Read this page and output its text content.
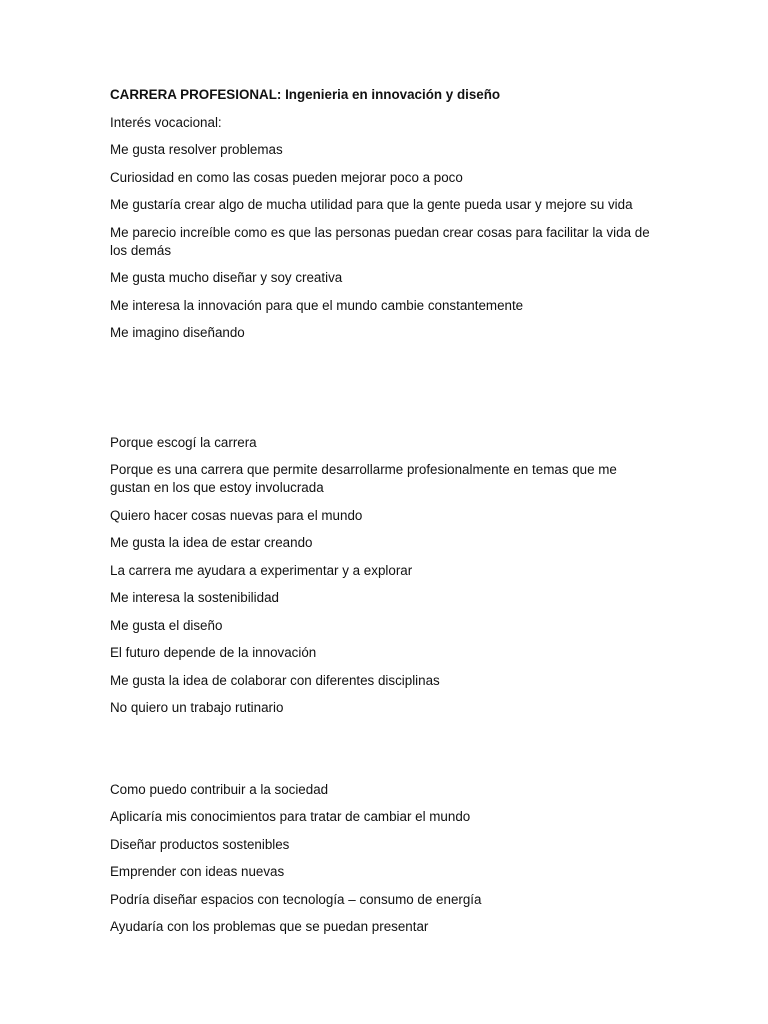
CARRERA PROFESIONAL: Ingenieria en innovación y diseño

Interés vocacional:

Me gusta resolver problemas

Curiosidad en como las cosas pueden mejorar poco a poco

Me gustaría crear algo de mucha utilidad para que la gente pueda usar y mejore su vida

Me parecio increíble como es que las personas puedan crear cosas para facilitar la vida de los demás

Me gusta mucho diseñar y soy creativa

Me interesa la innovación para que el mundo cambie constantemente

Me imagino diseñando

Porque escogí la carrera

Porque es una carrera que permite desarrollarme profesionalmente en temas que me gustan en los que estoy involucrada

Quiero hacer cosas nuevas para el mundo

Me gusta la idea de estar creando

La carrera me ayudara a experimentar y a explorar

Me interesa la sostenibilidad

Me gusta el diseño

El futuro depende de la innovación

Me gusta la idea de colaborar con diferentes disciplinas

No quiero un trabajo rutinario

Como puedo contribuir a la sociedad

Aplicaría mis conocimientos para tratar de cambiar el mundo

Diseñar productos sostenibles

Emprender con ideas nuevas

Podría diseñar espacios con tecnología – consumo de energía

Ayudaría con los problemas que se puedan presentar
